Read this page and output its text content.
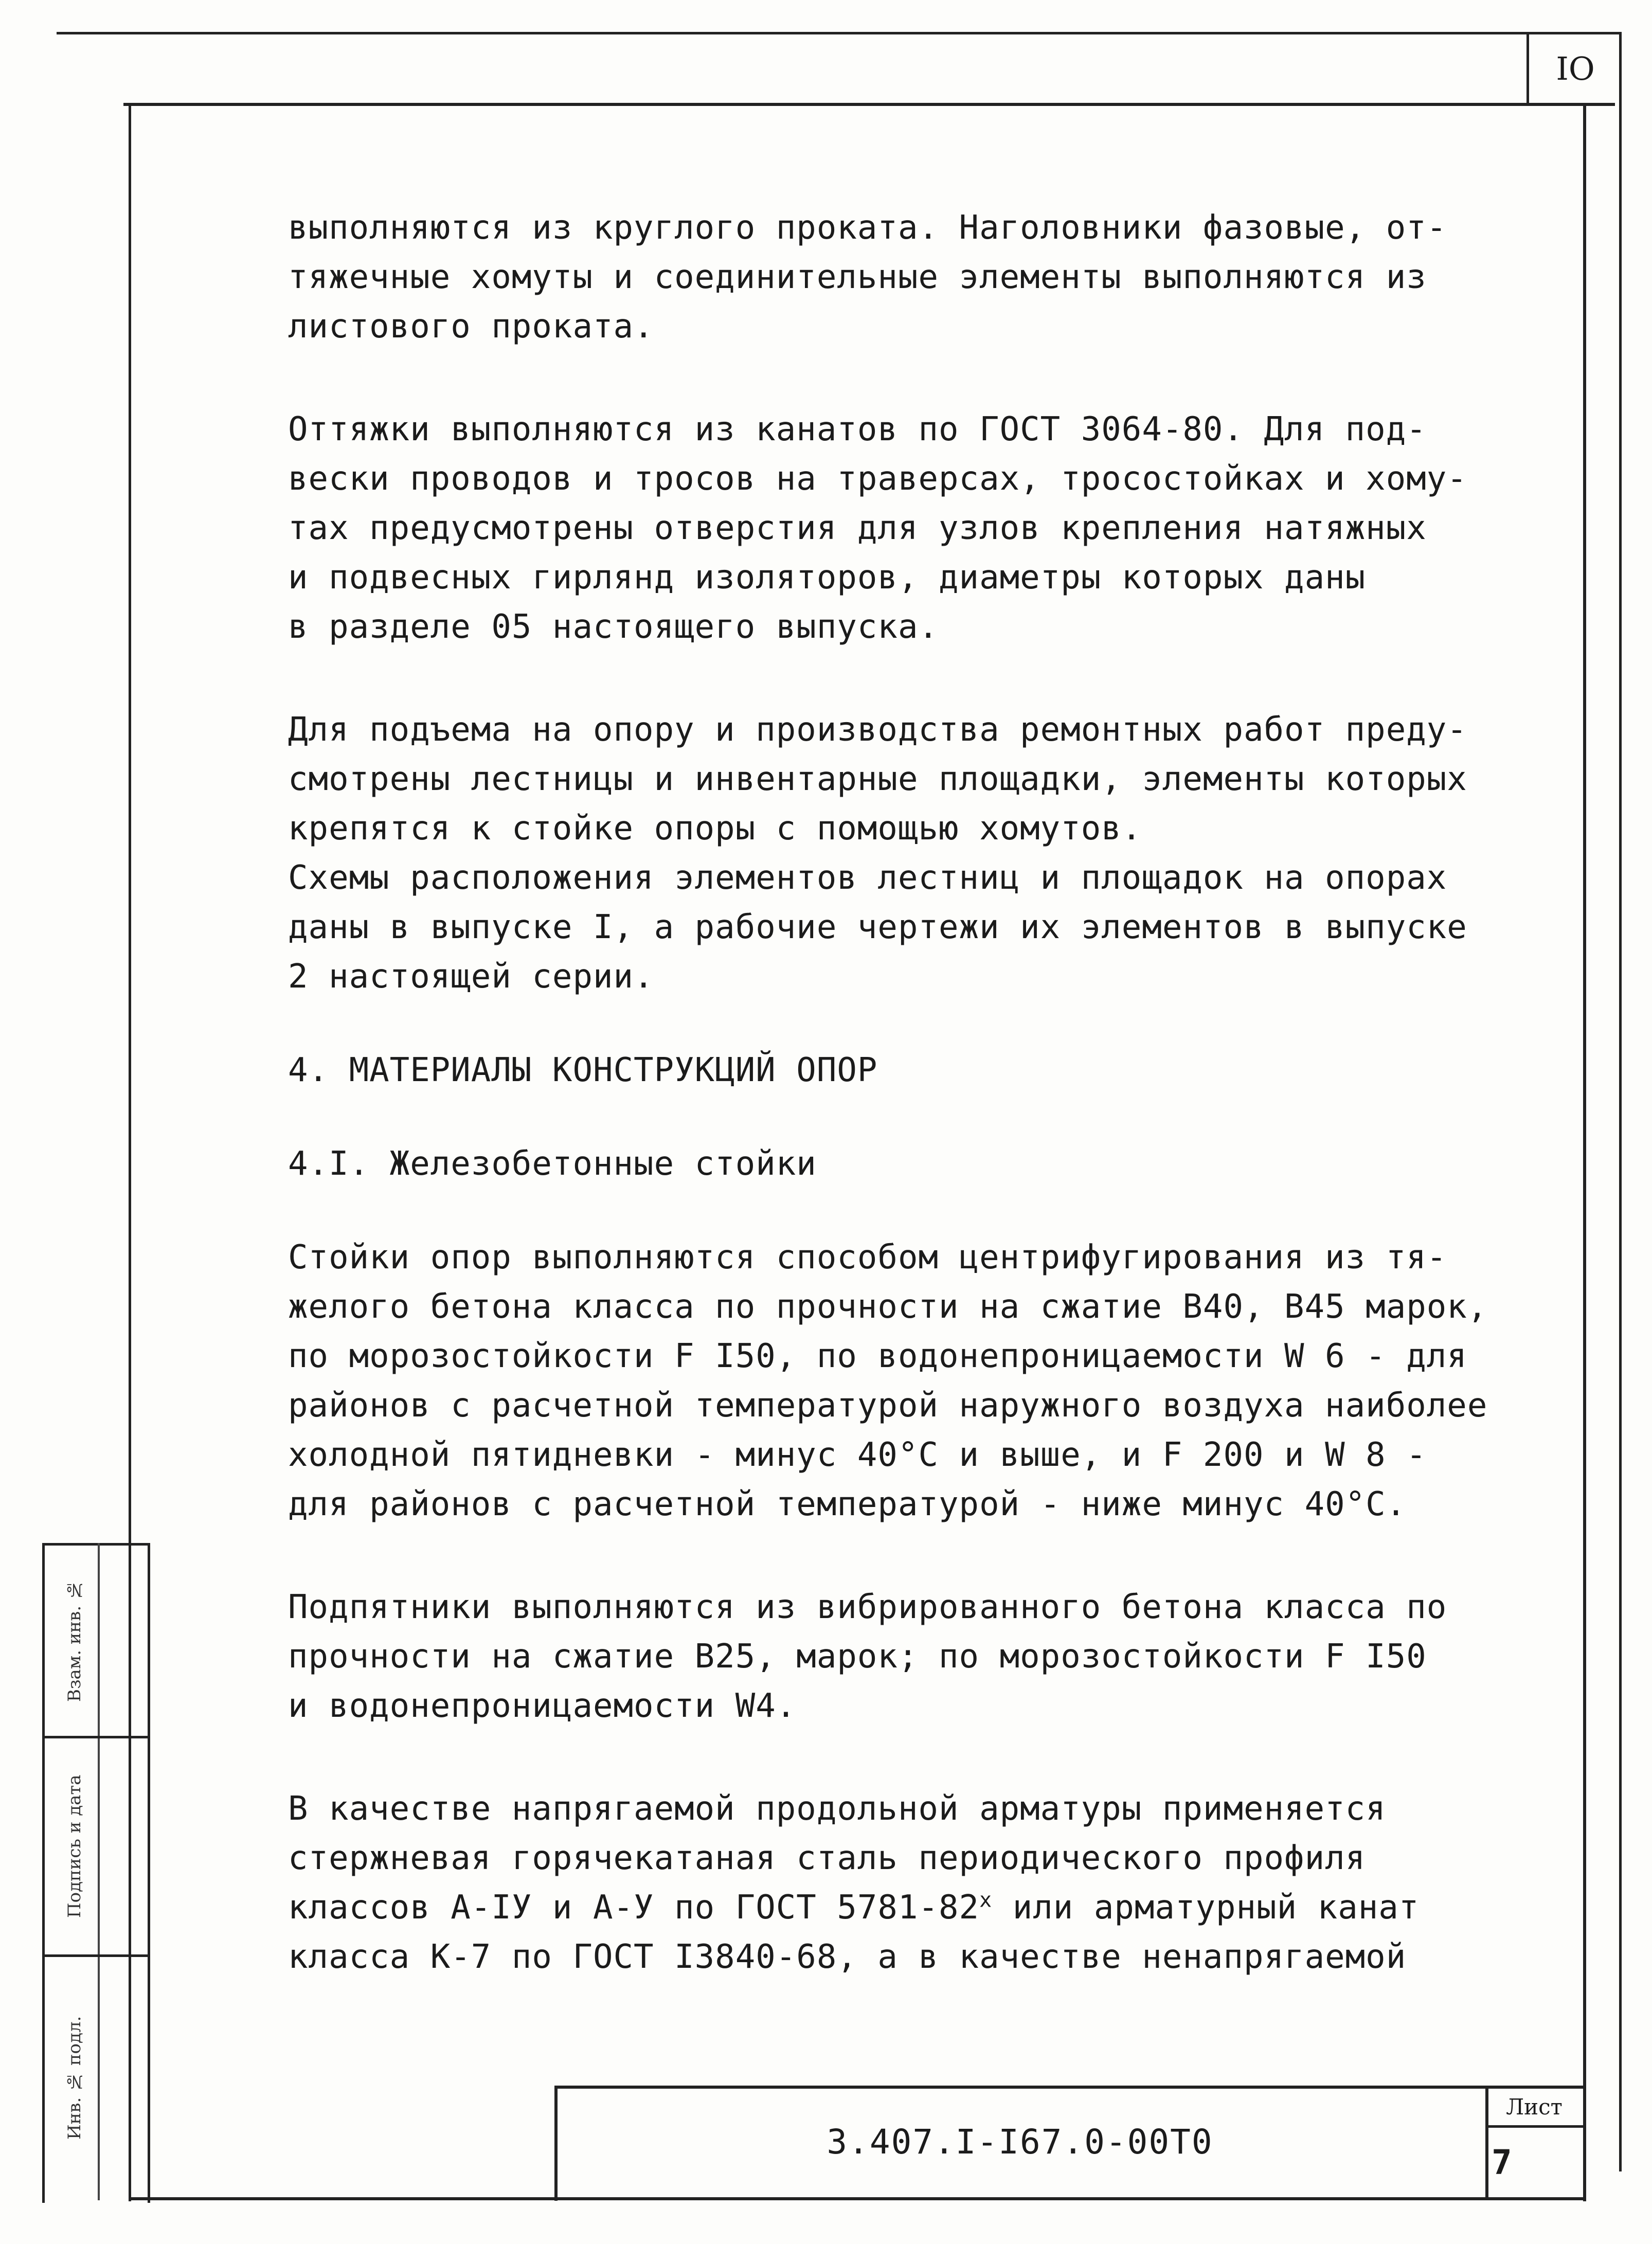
IO

выполняются из круглого проката. Наголовники фазовые, от-
тяжечные хомуты и соединительные элементы выполняются из
листового проката.

Оттяжки выполняются из канатов по ГОСТ 3064-80. Для под-
вески проводов и тросов на траверсах, тросостойках и хому-
тах предусмотрены отверстия для узлов крепления натяжных
и подвесных гирлянд изоляторов, диаметры которых даны
в разделе 05 настоящего выпуска.

Для подъема на опору и производства ремонтных работ преду-
смотрены лестницы и инвентарные площадки, элементы которых
крепятся к стойке опоры с помощью хомутов.
Схемы расположения элементов лестниц и площадок на опорах
даны в выпуске I, а рабочие чертежи их элементов в выпуске
2 настоящей серии.

4. МАТЕРИАЛЫ КОНСТРУКЦИЙ ОПОР

4.I. Железобетонные стойки

Стойки опор выполняются способом центрифугирования из тя-
желого бетона класса по прочности на сжатие В40, В45 марок,
по морозостойкости F I50, по водонепроницаемости W 6 - для
районов с расчетной температурой наружного воздуха наиболее
холодной пятидневки - минус 40°С и выше, и F 200 и W 8 -
для районов с расчетной температурой - ниже минус 40°С.

Подпятники выполняются из вибрированного бетона класса по
прочности на сжатие В25, марок; по морозостойкости F I50
и водонепроницаемости W4.

В качестве напрягаемой продольной арматуры применяется

стержневая горячекатаная сталь периодического профиля

классов А-IУ и А-У по ГОСТ $5781-82^х$ или арматурный канат

класса К-7 по ГОСТ I3840-68, а в качестве ненапрягаемой

3.407.I-I67.0-00Т0
Лист
7
Взам. инв. №
Подпись и дата
Инв. № подл.
